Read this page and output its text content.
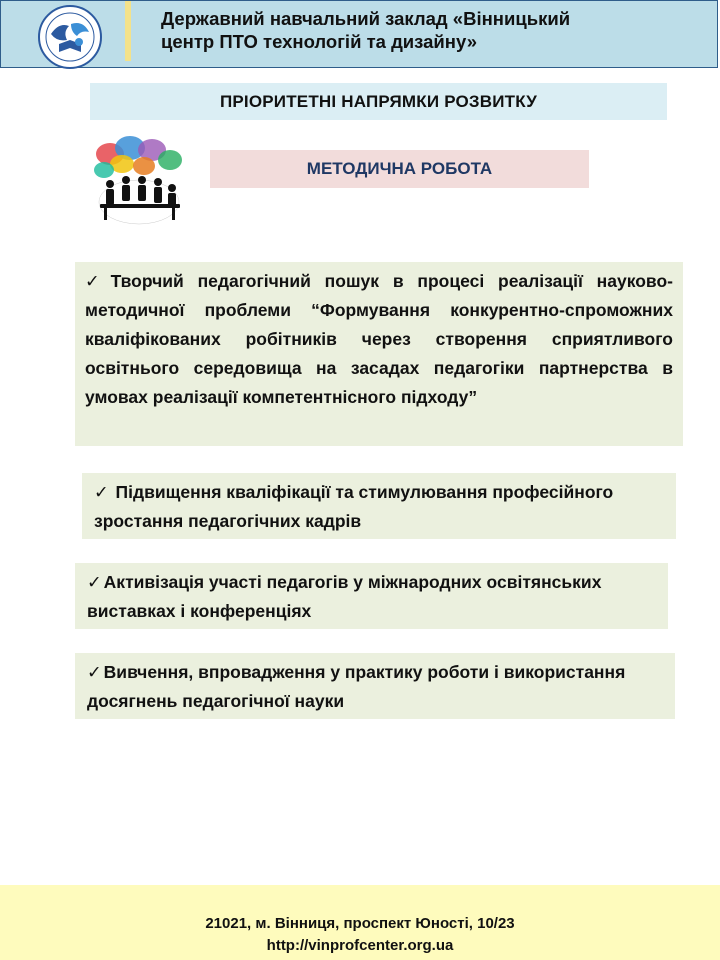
Державний навчальний заклад «Вінницький
центр ПТО технологій та дизайну»
ПРІОРИТЕТНІ НАПРЯМКИ РОЗВИТКУ
МЕТОДИЧНА РОБОТА
✓ Творчий педагогічний пошук в процесі реалізації науково-методичної проблеми “Формування конкурентно-спроможних кваліфікованих робітників через створення сприятливого освітнього середовища на засадах педагогіки партнерства в умовах реалізації компетентнісного підходу”
✓ Підвищення кваліфікації та стимулювання професійного зростання педагогічних кадрів
✓ Активізація участі педагогів у міжнародних освітянських виставках і конференціях
✓ Вивчення, впровадження у практику роботи і використання досягнень педагогічної науки
21021, м. Вінниця, проспект Юності, 10/23
http://vinprofcenter.org.ua
